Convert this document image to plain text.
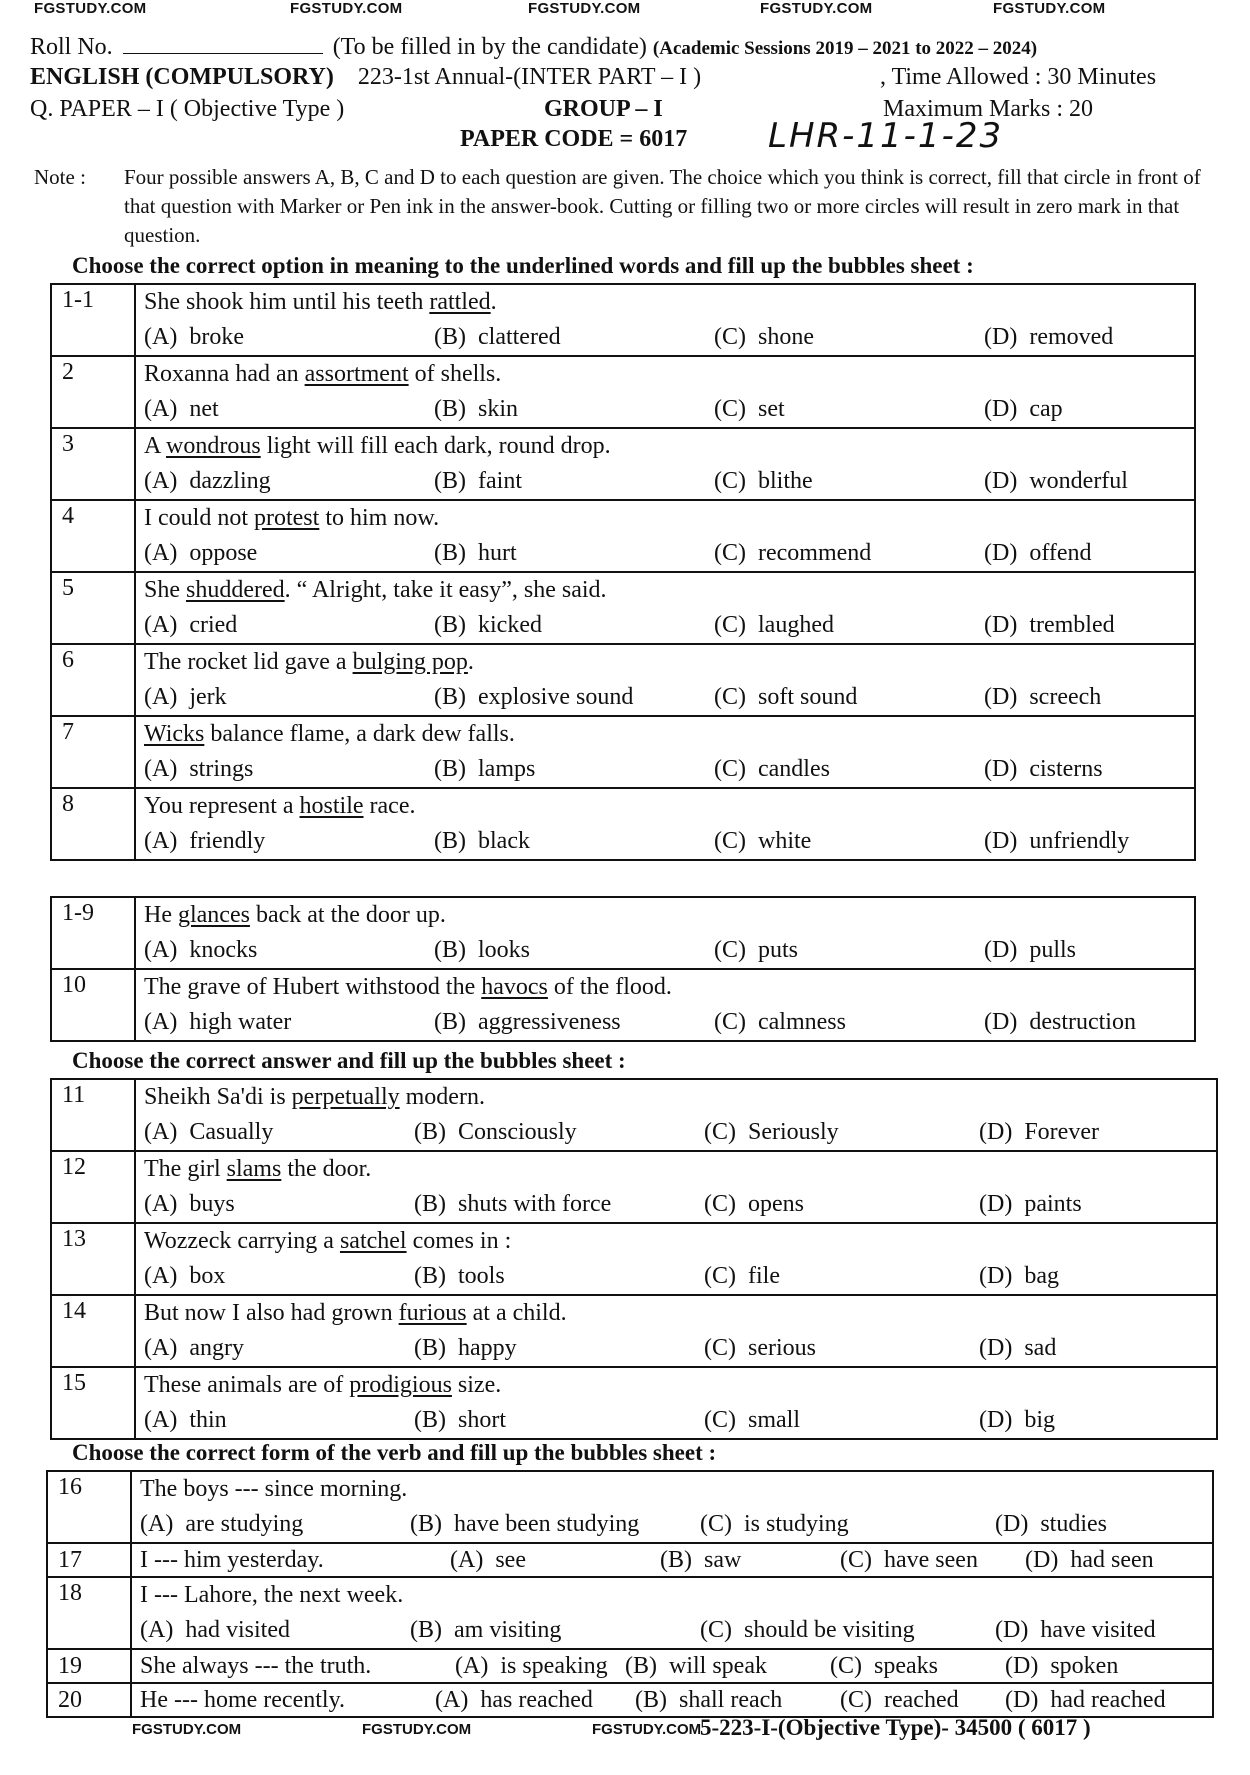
FGSTUDY.COM	FGSTUDY.COM	FGSTUDY.COM	FGSTUDY.COM	FGSTUDY.COM
Roll No.	(To be filled in by the candidate) (Academic Sessions 2019 – 2021 to 2022 – 2024)
ENGLISH (COMPULSORY) 223-1st Annual-(INTER PART – I )	, Time Allowed : 30 Minutes
Q. PAPER – I ( Objective Type )	GROUP – I	Maximum Marks : 20
PAPER CODE = 6017 LHR-11-1-23
Note : Four possible answers A, B, C and D to each question are given. The choice which you think is correct, fill that circle in front of that question with Marker or Pen ink in the answer-book. Cutting or filling two or more circles will result in zero mark in that question.
Choose the correct option in meaning to the underlined words and fill up the bubbles sheet :
1-1	She shook him until his teeth rattled.
(A) broke (B) clattered (C) shone (D) removed

2	Roxanna had an assortment of shells.
(A) net (B) skin (C) set (D) cap

3	A wondrous light will fill each dark, round drop.
(A) dazzling (B) faint (C) blithe (D) wonderful

4	I could not protest to him now.
(A) oppose (B) hurt (C) recommend (D) offend

5	She shuddered. “ Alright, take it easy”, she said.
(A) cried (B) kicked (C) laughed (D) trembled

6	The rocket lid gave a bulging pop.
(A) jerk (B) explosive sound (C) soft sound (D) screech

7	Wicks balance flame, a dark dew falls.
(A) strings (B) lamps (C) candles (D) cisterns

8	You represent a hostile race.
(A) friendly (B) black (C) white (D) unfriendly
1-9	He glances back at the door up.
(A) knocks (B) looks (C) puts (D) pulls

10	The grave of Hubert withstood the havocs of the flood.
(A) high water (B) aggressiveness (C) calmness (D) destruction
Choose the correct answer and fill up the bubbles sheet :
11	Sheikh Sa'di is perpetually modern.
(A) Casually (B) Consciously (C) Seriously (D) Forever

12	The girl slams the door.
(A) buys (B) shuts with force (C) opens (D) paints

13	Wozzeck carrying a satchel comes in :
(A) box (B) tools (C) file (D) bag

14	But now I also had grown furious at a child.
(A) angry (B) happy (C) serious (D) sad

15	These animals are of prodigious size.
(A) thin (B) short (C) small (D) big
Choose the correct form of the verb and fill up the bubbles sheet :
16	The boys --- since morning.
(A) are studying (B) have been studying (C) is studying (D) studies

17	I --- him yesterday. (A) see (B) saw (C) have seen (D) had seen

18	I --- Lahore, the next week.
(A) had visited (B) am visiting (C) should be visiting (D) have visited

19	She always --- the truth. (A) is speaking (B) will speak (C) speaks (D) spoken

20	He --- home recently. (A) has reached (B) shall reach (C) reached (D) had reached
FGSTUDY.COM	FGSTUDY.COM	FGSTUDY.COM
5-223-I-(Objective Type)- 34500 ( 6017 )
